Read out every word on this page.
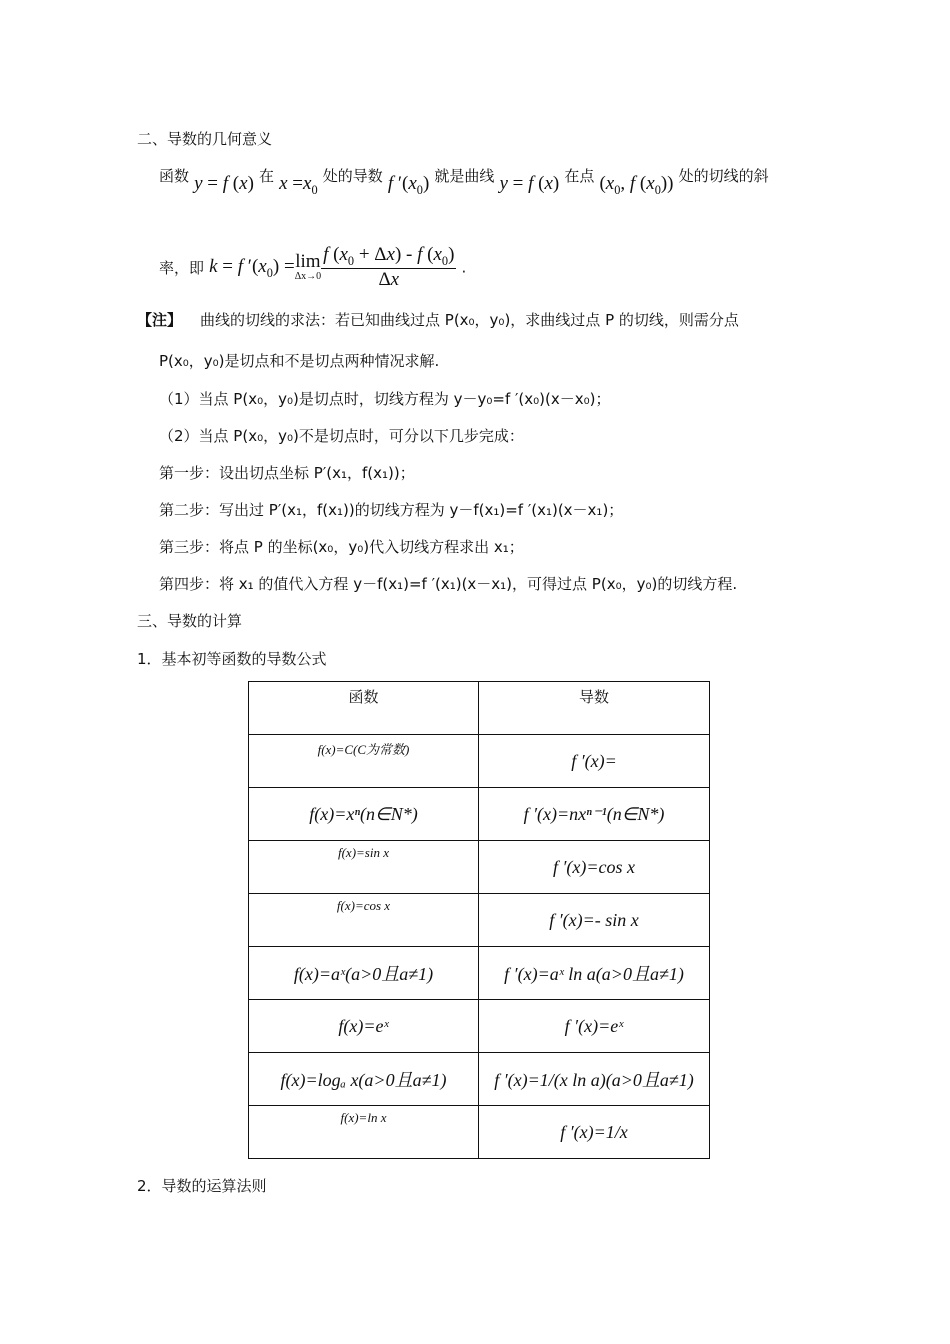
二、导数的几何意义
函数 y = f (x) 在 $x =x_0$ 处的导数 f $'(x_0)$ 就是曲线 y = f (x) 在点 ($x_0$, f $(x_0)$) 处的切线的斜
率，即 k = f $'(x_0) = \lim$
$\Delta x\to 0 \frac{f (x_0 + \Delta x) - f (x_0)}{\Delta x}$ .
【注】 曲线的切线的求法：若已知曲线过点 P(x₀，y₀)，求曲线过点 P 的切线，则需分点
P(x₀，y₀)是切点和不是切点两种情况求解.
（1）当点 P(x₀，y₀)是切点时，切线方程为 y－y₀=f ′(x₀)(x－x₀)；
（2）当点 P(x₀，y₀)不是切点时，可分以下几步完成：
第一步：设出切点坐标 P′(x₁，f(x₁))；
第二步：写出过 P′(x₁，f(x₁))的切线方程为 y－f(x₁)=f ′(x₁)(x－x₁)；
第三步：将点 P 的坐标(x₀，y₀)代入切线方程求出 x₁；
第四步：将 x₁ 的值代入方程 y－f(x₁)=f ′(x₁)(x－x₁)，可得过点 P(x₀，y₀)的切线方程.
三、导数的计算
1．基本初等函数的导数公式
函数	导数

f(x)=C(C为常数)	f ′(x)=
f(x)=xⁿ(n∈N*)	f ′(x)=nxⁿ⁻¹(n∈N*)

f(x)=sin x	f ′(x)=cos x

f(x)=cos x	f ′(x)=- sin x
f(x)=aˣ(a>0且a≠1)	f ′(x)=aˣ ln a(a>0且a≠1)
f(x)=eˣ	f ′(x)=eˣ
f(x)=logₐ x(a>0且a≠1)	f ′(x)=1/(x ln a)(a>0且a≠1)

f(x)=ln x	f ′(x)=1/x
2．导数的运算法则
